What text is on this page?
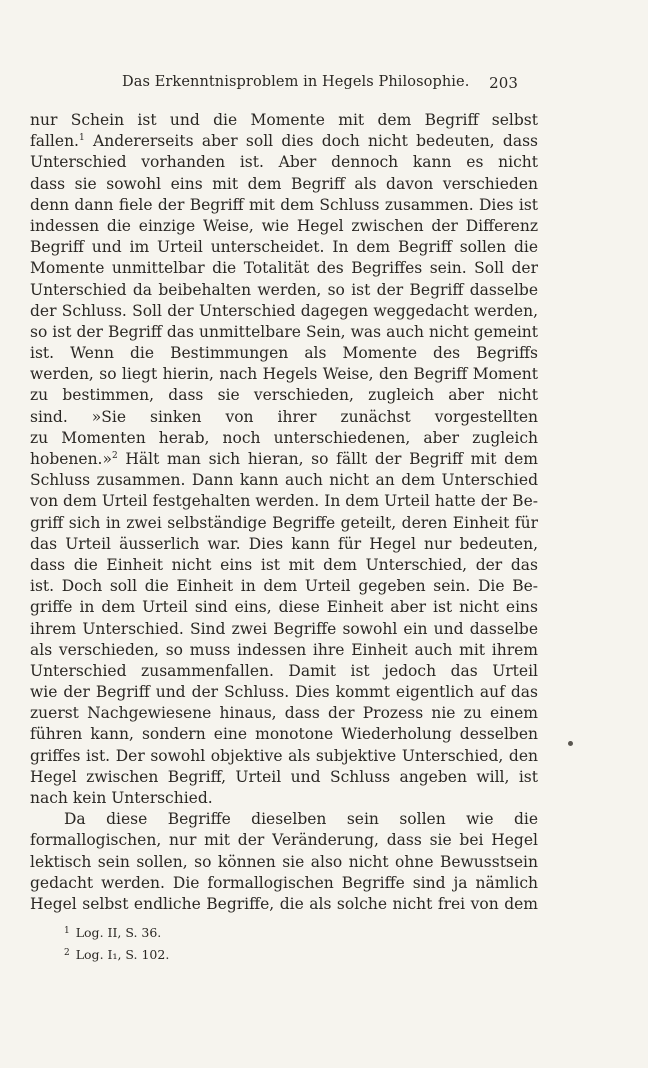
Das Erkenntnisproblem in Hegels Philosophie. 203
nur Schein ist und die Momente mit dem Begriff selbst
fallen.$^1$ Andererseits aber soll dies doch nicht bedeuten, dass
Unterschied vorhanden ist. Aber dennoch kann es nicht
dass sie sowohl eins mit dem Begriff als davon verschieden
denn dann fiele der Begriff mit dem Schluss zusammen. Dies ist
indessen die einzige Weise, wie Hegel zwischen der Differenz
Begriff und im Urteil unterscheidet. In dem Begriff sollen die
Momente unmittelbar die Totalität des Begriffes sein. Soll der
Unterschied da beibehalten werden, so ist der Begriff dasselbe
der Schluss. Soll der Unterschied dagegen weggedacht werden,
so ist der Begriff das unmittelbare Sein, was auch nicht gemeint
ist. Wenn die Bestimmungen als Momente des Begriffs
werden, so liegt hierin, nach Hegels Weise, den Begriff Moment
zu bestimmen, dass sie verschieden, zugleich aber nicht
sind. »Sie sinken von ihrer zunächst vorgestellten
zu Momenten herab, noch unterschiedenen, aber zugleich
hobenen.»$^2$ Hält man sich hieran, so fällt der Begriff mit dem
Schluss zusammen. Dann kann auch nicht an dem Unterschied
von dem Urteil festgehalten werden. In dem Urteil hatte der Be-
griff sich in zwei selbständige Begriffe geteilt, deren Einheit für
das Urteil äusserlich war. Dies kann für Hegel nur bedeuten,
dass die Einheit nicht eins ist mit dem Unterschied, der das
ist. Doch soll die Einheit in dem Urteil gegeben sein. Die Be-
griffe in dem Urteil sind eins, diese Einheit aber ist nicht eins
ihrem Unterschied. Sind zwei Begriffe sowohl ein und dasselbe
als verschieden, so muss indessen ihre Einheit auch mit ihrem
Unterschied zusammenfallen. Damit ist jedoch das Urteil
wie der Begriff und der Schluss. Dies kommt eigentlich auf das
zuerst Nachgewiesene hinaus, dass der Prozess nie zu einem
führen kann, sondern eine monotone Wiederholung desselben
griffes ist. Der sowohl objektive als subjektive Unterschied, den
Hegel zwischen Begriff, Urteil und Schluss angeben will, ist
nach kein Unterschied.
Da diese Begriffe dieselben sein sollen wie die
formallogischen, nur mit der Veränderung, dass sie bei Hegel
lektisch sein sollen, so können sie also nicht ohne Bewusstsein
gedacht werden. Die formallogischen Begriffe sind ja nämlich
Hegel selbst endliche Begriffe, die als solche nicht frei von dem
$^1$ Log. II, S. 36.
$^2$ Log. I₁, S. 102.
